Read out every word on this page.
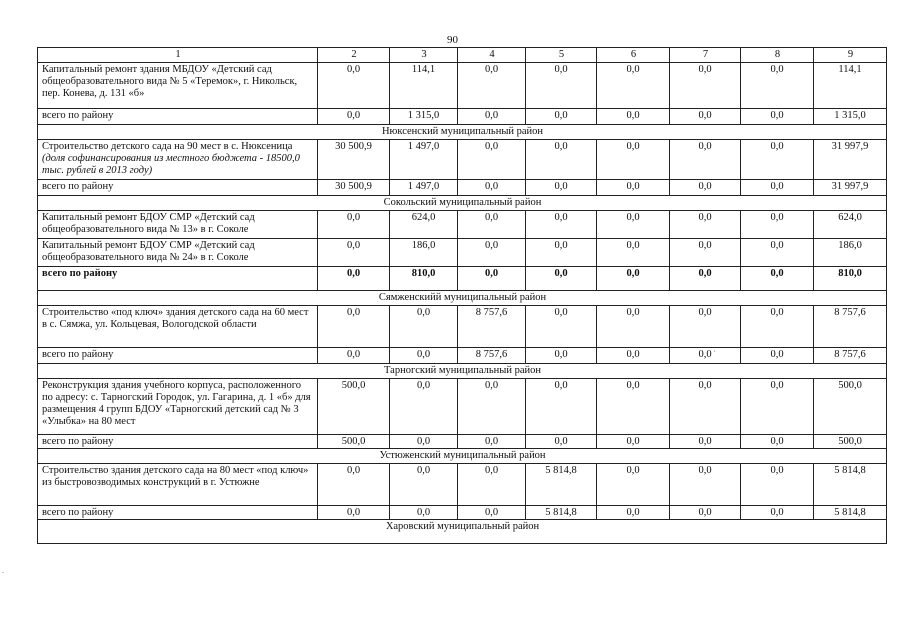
90
1	2	3	4	5	6	7	8	9
Капитальный ремонт здания МБДОУ «Детский сад общеобразовательного вида № 5 «Теремок», г. Никольск, пер. Конева, д. 131 «б»	0,0	114,1	0,0	0,0	0,0	0,0	0,0	114,1
всего по району	0,0	1 315,0	0,0	0,0	0,0	0,0	0,0	1 315,0
Нюксенский муниципальный район								
Строительство детского сада на 90 мест в с. Нюксеница (доля софинансирования из местного бюджета - 18500,0 тыс. рублей в 2013 году)	30 500,9	1 497,0	0,0	0,0	0,0	0,0	0,0	31 997,9
всего по району	30 500,9	1 497,0	0,0	0,0	0,0	0,0	0,0	31 997,9
Сокольский муниципальный район								
Капитальный ремонт БДОУ СМР «Детский сад общеобразовательного вида № 13» в г. Соколе	0,0	624,0	0,0	0,0	0,0	0,0	0,0	624,0
Капитальный ремонт БДОУ СМР «Детский сад общеобразовательного вида № 24» в г. Соколе	0,0	186,0	0,0	0,0	0,0	0,0	0,0	186,0
всего по району	0,0	810,0	0,0	0,0	0,0	0,0	0,0	810,0
Сямженскийй муниципальный район								
Строительство «под ключ» здания детского сада на 60 мест в с. Сямжа, ул. Кольцевая, Вологодской области	0,0	0,0	8 757,6	0,0	0,0	0,0	0,0	8 757,6
всего по району	0,0	0,0	8 757,6	0,0	0,0	0,0	0,0	8 757,6
Тарногский муниципальный район								
Реконструкция здания учебного корпуса, расположенного по адресу: с. Тарногский Городок, ул. Гагарина, д. 1 «б» для размещения 4 групп БДОУ «Тарногский детский сад № 3 «Улыбка» на 80 мест	500,0	0,0	0,0	0,0	0,0	0,0	0,0	500,0
всего по району	500,0	0,0	0,0	0,0	0,0	0,0	0,0	500,0
Устюженский муниципальный район								
Строительство здания детского сада на 80 мест «под ключ» из быстровозводимых конструкций в г. Устюжне	0,0	0,0	0,0	5 814,8	0,0	0,0	0,0	5 814,8
всего по району	0,0	0,0	0,0	5 814,8	0,0	0,0	0,0	5 814,8
Харовский муниципальный район								
,
.
